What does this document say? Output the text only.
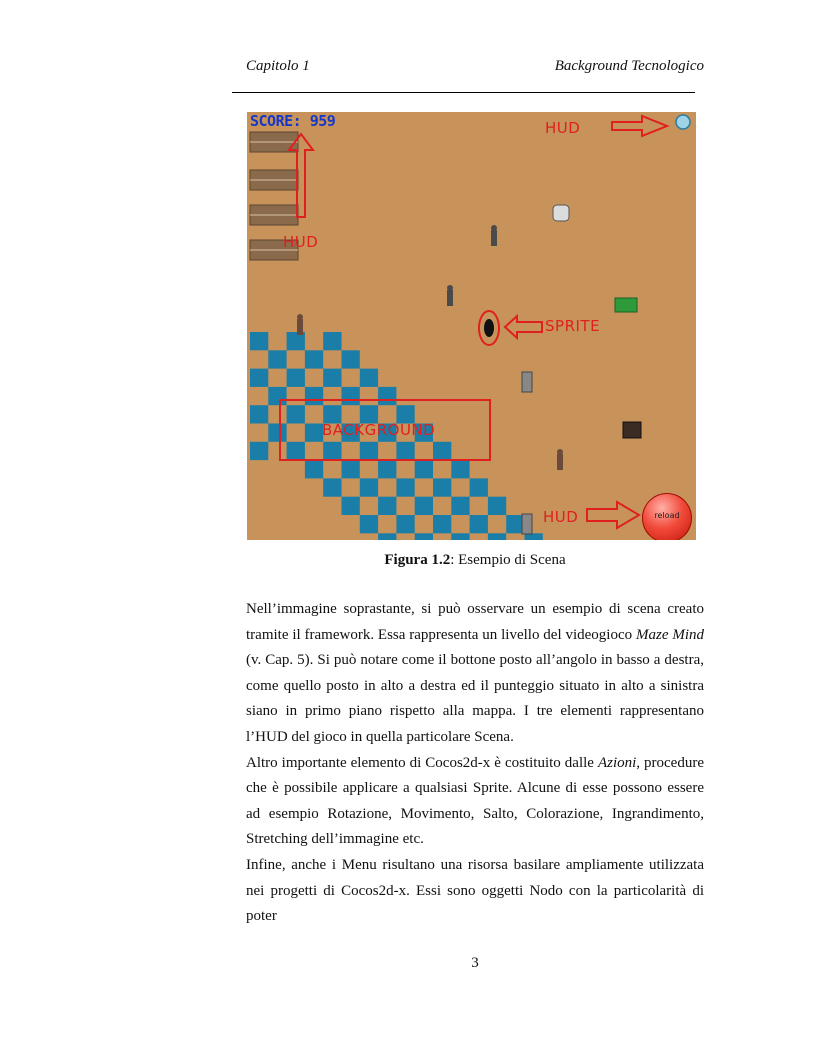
Capitolo 1	Background Tecnologico
SCORE: 959	HUD
HUD
SPRITE
BACKGROUND
HUD	reload
Figura 1.2: Esempio di Scena

Nell’immagine soprastante, si può osservare un esempio di scena creato tramite il framework. Essa rappresenta un livello del videogioco Maze Mind (v. Cap. 5). Si può notare come il bottone posto all’angolo in basso a destra, come quello posto in alto a destra ed il punteggio situato in alto a sinistra siano in primo piano rispetto alla mappa. I tre elementi rappresentano l’HUD del gioco in quella particolare Scena.

Altro importante elemento di Cocos2d-x è costituito dalle Azioni, procedure che è possibile applicare a qualsiasi Sprite. Alcune di esse possono essere ad esempio Rotazione, Movimento, Salto, Colorazione, Ingrandimento, Stretching dell’immagine etc.

Infine, anche i Menu risultano una risorsa basilare ampliamente utilizzata nei progetti di Cocos2d-x. Essi sono oggetti Nodo con la particolarità di poter

3
